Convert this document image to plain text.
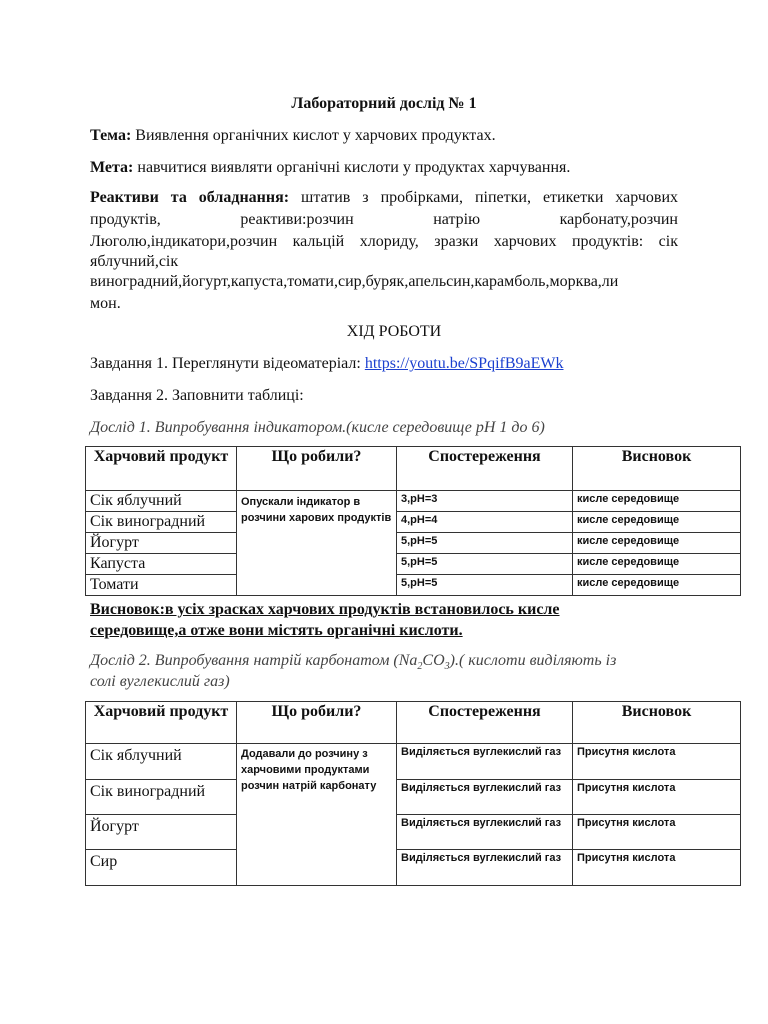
Лабораторний дослід № 1
Тема: Виявлення органічних кислот у харчових продуктах.
Мета: навчитися виявляти органічні кислоти у продуктах харчування.
Реактиви та обладнання: штатив з пробірками, піпетки, етикетки харчових
продуктів, реактиви:розчин натрію карбонату,розчин
Люголю,індикатори,розчин кальцій хлориду, зразки харчових продуктів: сік
яблучний,сік
виноградний,йогурт,капуста,томати,сир,буряк,апельсин,карамболь,морква,ли
мон.
ХІД РОБОТИ
Завдання 1. Переглянути відеоматеріал: https://youtu.be/SPqifB9aEWk
Завдання 2. Заповнити таблиці:
Дослід 1. Випробування індикатором.(кисле середовище pH 1 до 6)
Харчовий продукт	Що робили?	Спостереження	Висновок
Сік яблучний	Опускали індикатор в розчини харових продуктів	3,pH=3	кисле середовище
Сік виноградний		4,pH=4	кисле середовище
Йогурт		5,pH=5	кисле середовище
Капуста		5,pH=5	кисле середовище
Томати		5,pH=5	кисле середовище
Висновок:в усіх зрасках харчових продуктів встановилось кисле
середовище,а отже вони містять органічні кислоти.
Дослід 2. Випробування натрій карбонатом $(Na_2CO_3)$.( кислоти виділяють із
солі вуглекислий газ)
Харчовий продукт	Що робили?	Спостереження	Висновок
Сік яблучний	Додавали до розчину з харчовими продуктами розчин натрій карбонату	Виділяється вуглекислий газ	Присутня кислота
Сік виноградний		Виділяється вуглекислий газ	Присутня кислота
Йогурт		Виділяється вуглекислий газ	Присутня кислота
Сир		Виділяється вуглекислий газ	Присутня кислота
